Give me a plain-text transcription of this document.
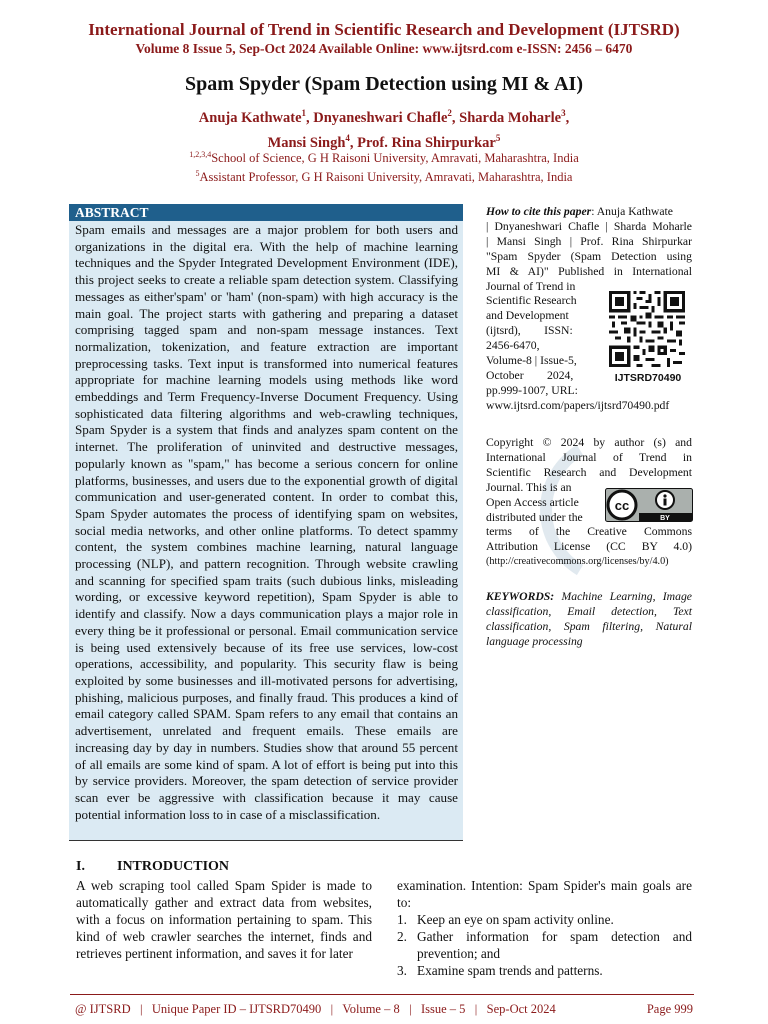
International Journal of Trend in Scientific Research and Development (IJTSRD)
Volume 8 Issue 5, Sep-Oct 2024 Available Online: www.ijtsrd.com e-ISSN: 2456 – 6470
Spam Spyder (Spam Detection using MI & AI)
Anuja Kathwate$^1$, Dnyaneshwari Chafle$^2$, Sharda Moharle$^3$,
Mansi Singh$^4$, Prof. Rina Shirpurkar$^5$
$^{1,2,3,4}$School of Science, G H Raisoni University, Amravati, Maharashtra, India
$^5$Assistant Professor, G H Raisoni University, Amravati, Maharashtra, India
ABSTRACT
Spam emails and messages are a major problem for both users and organizations in the digital era. With the help of machine learning techniques and the Spyder Integrated Development Environment (IDE), this project seeks to create a reliable spam detection system. Classifying messages as either'spam' or 'ham' (non-spam) with high accuracy is the main goal. The project starts with gathering and preparing a dataset comprising tagged spam and non-spam message instances. Text normalization, tokenization, and feature extraction are important preprocessing tasks. Text input is transformed into numerical features appropriate for machine learning models using methods like word embeddings and Term Frequency-Inverse Document Frequency. Using sophisticated data filtering algorithms and web-crawling techniques, Spam Spyder is a system that finds and analyzes spam content on the internet. The proliferation of uninvited and destructive messages, popularly known as "spam," has become a serious concern for online platforms, businesses, and users due to the exponential growth of digital communication and user-generated content. In order to combat this, Spam Spyder automates the process of identifying spam on websites, social media networks, and other online platforms. To detect spammy content, the system combines machine learning, natural language processing (NLP), and pattern recognition. Through website crawling and scanning for specified spam traits (such dubious links, misleading wording, or excessive keyword repetition), Spam Spyder is able to identify and classify. Now a days communication plays a major role in every thing be it professional or personal. Email communication service is being used extensively because of its free use services, low-cost operations, accessibility, and popularity. This security flaw is being exploited by some businesses and ill-motivated persons for advertising, phishing, malicious purposes, and finally fraud. This produces a kind of email category called SPAM. Spam refers to any email that contains an advertisement, unrelated and frequent emails. These emails are increasing day by day in numbers. Studies show that around 55 percent of all emails are some kind of spam. A lot of effort is being put into this by service providers. Moreover, the spam detection of service provider scan ever be aggressive with classification because it may cause potential information loss to in case of a misclassification.
How to cite this paper: Anuja Kathwate
| Dnyaneshwari Chafle | Sharda Moharle
| Mansi Singh | Prof. Rina Shirpurkar
"Spam Spyder (Spam Detection using
MI & AI)" Published in International
Journal of Trend in
Scientific Research
and Development
(ijtsrd),        ISSN:
2456-6470,
Volume-8 | Issue-5,
October        2024,
pp.999-1007, URL:
www.ijtsrd.com/papers/ijtsrd70490.pdf
IJTSRD70490
Copyright © 2024 by author (s) and
International Journal of Trend in
Scientific Research and Development
Journal. This is an
Open Access article
distributed under the
terms of the Creative Commons
Attribution License (CC BY 4.0)
(http://creativecommons.org/licenses/by/4.0)
cc
BY
KEYWORDS: Machine Learning, Image classification, Email detection, Text classification, Spam filtering, Natural language processing
I. INTRODUCTION
A web scraping tool called Spam Spider is made to automatically gather and extract data from websites, with a focus on information pertaining to spam. This kind of web crawler searches the internet, finds and retrieves pertinent information, and saves it for later
examination. Intention: Spam Spider's main goals are to:
1. Keep an eye on spam activity online.
2. Gather information for spam detection and prevention; and
3. Examine spam trends and patterns.
@ IJTSRD   |   Unique Paper ID – IJTSRD70490   |   Volume – 8   |   Issue – 5   |   Sep-Oct 2024	Page 999
